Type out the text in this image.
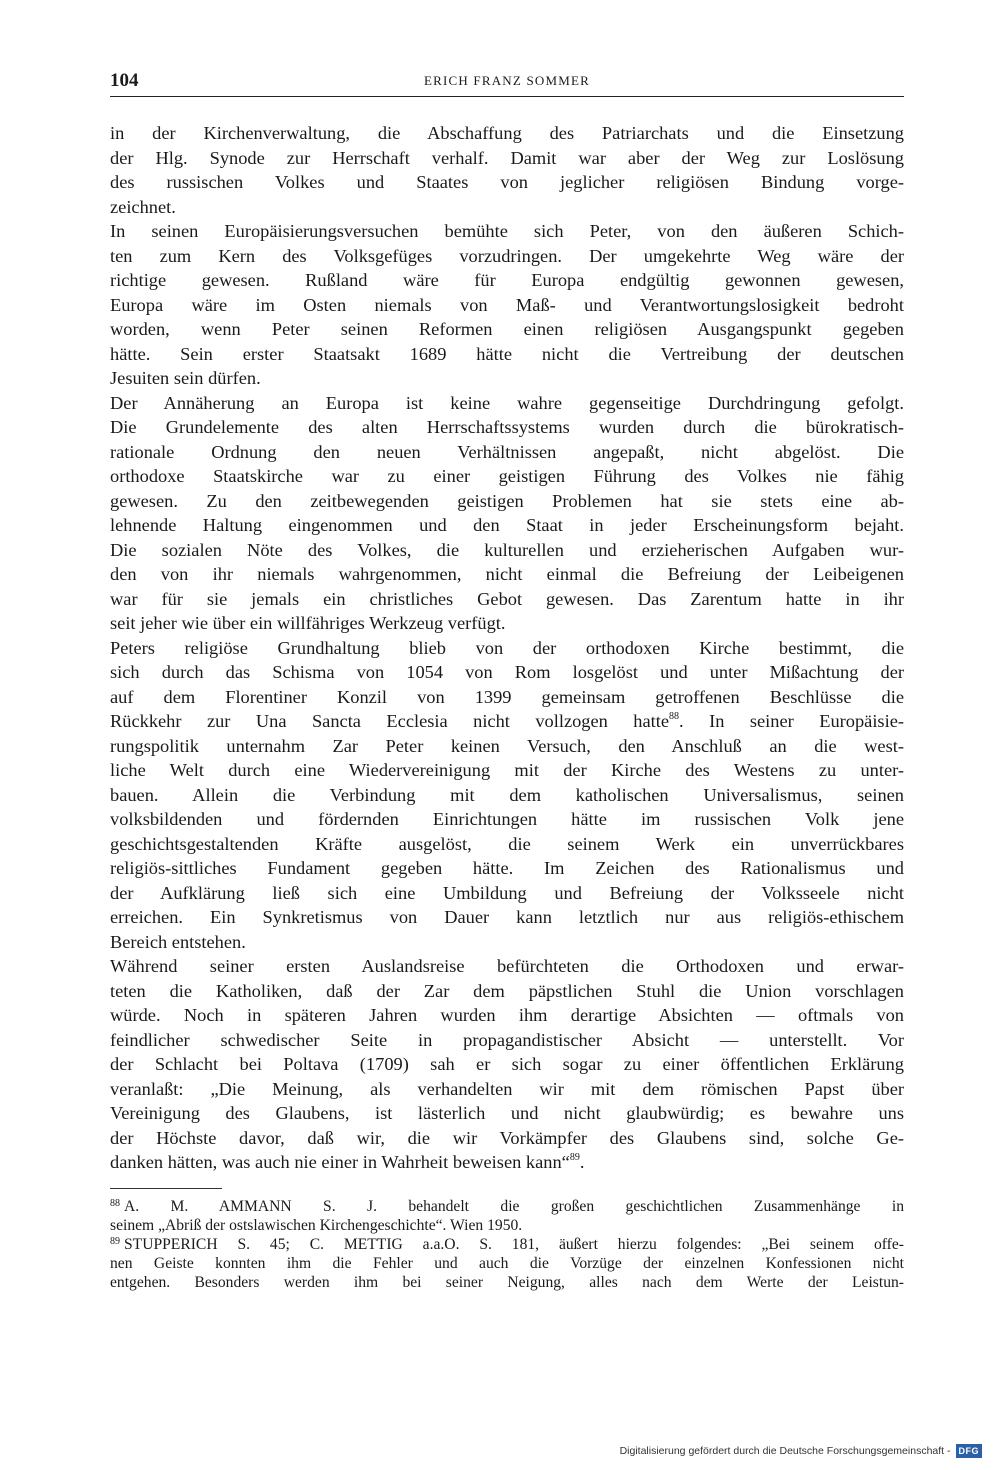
104	ERICH FRANZ SOMMER
in der Kirchenverwaltung, die Abschaffung des Patriarchats und die Einsetzung
der Hlg. Synode zur Herrschaft verhalf. Damit war aber der Weg zur Loslösung
des russischen Volkes und Staates von jeglicher religiösen Bindung vorge-
zeichnet.
In seinen Europäisierungsversuchen bemühte sich Peter, von den äußeren Schich-
ten zum Kern des Volksgefüges vorzudringen. Der umgekehrte Weg wäre der
richtige gewesen. Rußland wäre für Europa endgültig gewonnen gewesen,
Europa wäre im Osten niemals von Maß- und Verantwortungslosigkeit bedroht
worden, wenn Peter seinen Reformen einen religiösen Ausgangspunkt gegeben
hätte. Sein erster Staatsakt 1689 hätte nicht die Vertreibung der deutschen
Jesuiten sein dürfen.
Der Annäherung an Europa ist keine wahre gegenseitige Durchdringung gefolgt.
Die Grundelemente des alten Herrschaftssystems wurden durch die bürokratisch-
rationale Ordnung den neuen Verhältnissen angepaßt, nicht abgelöst. Die
orthodoxe Staatskirche war zu einer geistigen Führung des Volkes nie fähig
gewesen. Zu den zeitbewegenden geistigen Problemen hat sie stets eine ab-
lehnende Haltung eingenommen und den Staat in jeder Erscheinungsform bejaht.
Die sozialen Nöte des Volkes, die kulturellen und erzieherischen Aufgaben wur-
den von ihr niemals wahrgenommen, nicht einmal die Befreiung der Leibeigenen
war für sie jemals ein christliches Gebot gewesen. Das Zarentum hatte in ihr
seit jeher wie über ein willfähriges Werkzeug verfügt.
Peters religiöse Grundhaltung blieb von der orthodoxen Kirche bestimmt, die
sich durch das Schisma von 1054 von Rom losgelöst und unter Mißachtung der
auf dem Florentiner Konzil von 1399 gemeinsam getroffenen Beschlüsse die
Rückkehr zur Una Sancta Ecclesia nicht vollzogen hatte$^{88}$. In seiner Europäisie-
rungspolitik unternahm Zar Peter keinen Versuch, den Anschluß an die west-
liche Welt durch eine Wiedervereinigung mit der Kirche des Westens zu unter-
bauen. Allein die Verbindung mit dem katholischen Universalismus, seinen
volksbildenden und fördernden Einrichtungen hätte im russischen Volk jene
geschichtsgestaltenden Kräfte ausgelöst, die seinem Werk ein unverrückbares
religiös-sittliches Fundament gegeben hätte. Im Zeichen des Rationalismus und
der Aufklärung ließ sich eine Umbildung und Befreiung der Volksseele nicht
erreichen. Ein Synkretismus von Dauer kann letztlich nur aus religiös-ethischem
Bereich entstehen.
Während seiner ersten Auslandsreise befürchteten die Orthodoxen und erwar-
teten die Katholiken, daß der Zar dem päpstlichen Stuhl die Union vorschlagen
würde. Noch in späteren Jahren wurden ihm derartige Absichten — oftmals von
feindlicher schwedischer Seite in propagandistischer Absicht — unterstellt. Vor
der Schlacht bei Poltava (1709) sah er sich sogar zu einer öffentlichen Erklärung
veranlaßt: „Die Meinung, als verhandelten wir mit dem römischen Papst über
Vereinigung des Glaubens, ist lästerlich und nicht glaubwürdig; es bewahre uns
der Höchste davor, daß wir, die wir Vorkämpfer des Glaubens sind, solche Ge-
danken hätten, was auch nie einer in Wahrheit beweisen kann“$^{89}$.
$^{88}$ A. M. AMMANN S. J. behandelt die großen geschichtlichen Zusammenhänge in
seinem „Abriß der ostslawischen Kirchengeschichte“. Wien 1950.
$^{89}$ STUPPERICH S. 45; C. METTIG a.a.O. S. 181, äußert hierzu folgendes: „Bei seinem offe-
nen Geiste konnten ihm die Fehler und auch die Vorzüge der einzelnen Konfessionen nicht
entgehen. Besonders werden ihm bei seiner Neigung, alles nach dem Werte der Leistun-
Digitalisierung gefördert durch die Deutsche Forschungsgemeinschaft - DFG
